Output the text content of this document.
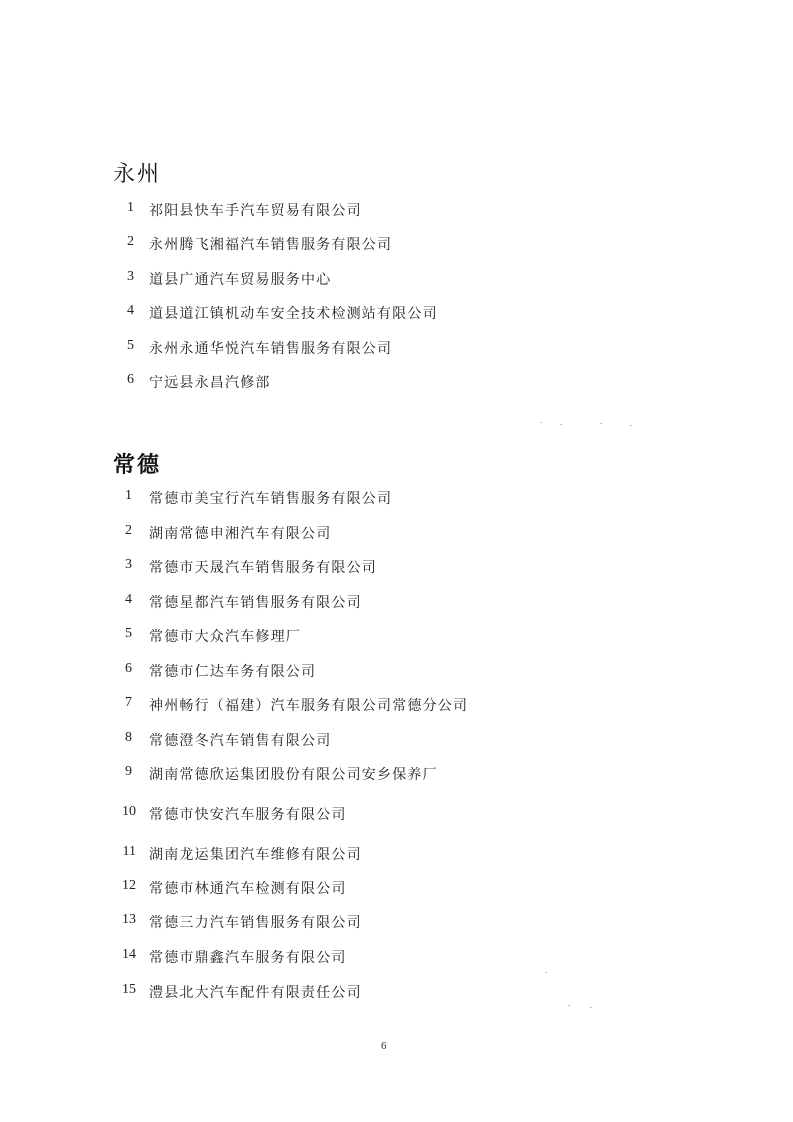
永州
1 祁阳县快车手汽车贸易有限公司
2 永州腾飞湘福汽车销售服务有限公司
3 道县广通汽车贸易服务中心
4 道县道江镇机动车安全技术检测站有限公司
5 永州永通华悦汽车销售服务有限公司
6 宁远县永昌汽修部
常德
1 常德市美宝行汽车销售服务有限公司
2 湖南常德申湘汽车有限公司
3 常德市天晟汽车销售服务有限公司
4 常德星都汽车销售服务有限公司
5 常德市大众汽车修理厂
6 常德市仁达车务有限公司
7 神州畅行（福建）汽车服务有限公司常德分公司
8 常德澄冬汽车销售有限公司
9 湖南常德欣运集团股份有限公司安乡保养厂
10 常德市快安汽车服务有限公司
11 湖南龙运集团汽车维修有限公司
12 常德市林通汽车检测有限公司
13 常德三力汽车销售服务有限公司
14 常德市鼎鑫汽车服务有限公司
15 澧县北大汽车配件有限责任公司
6
